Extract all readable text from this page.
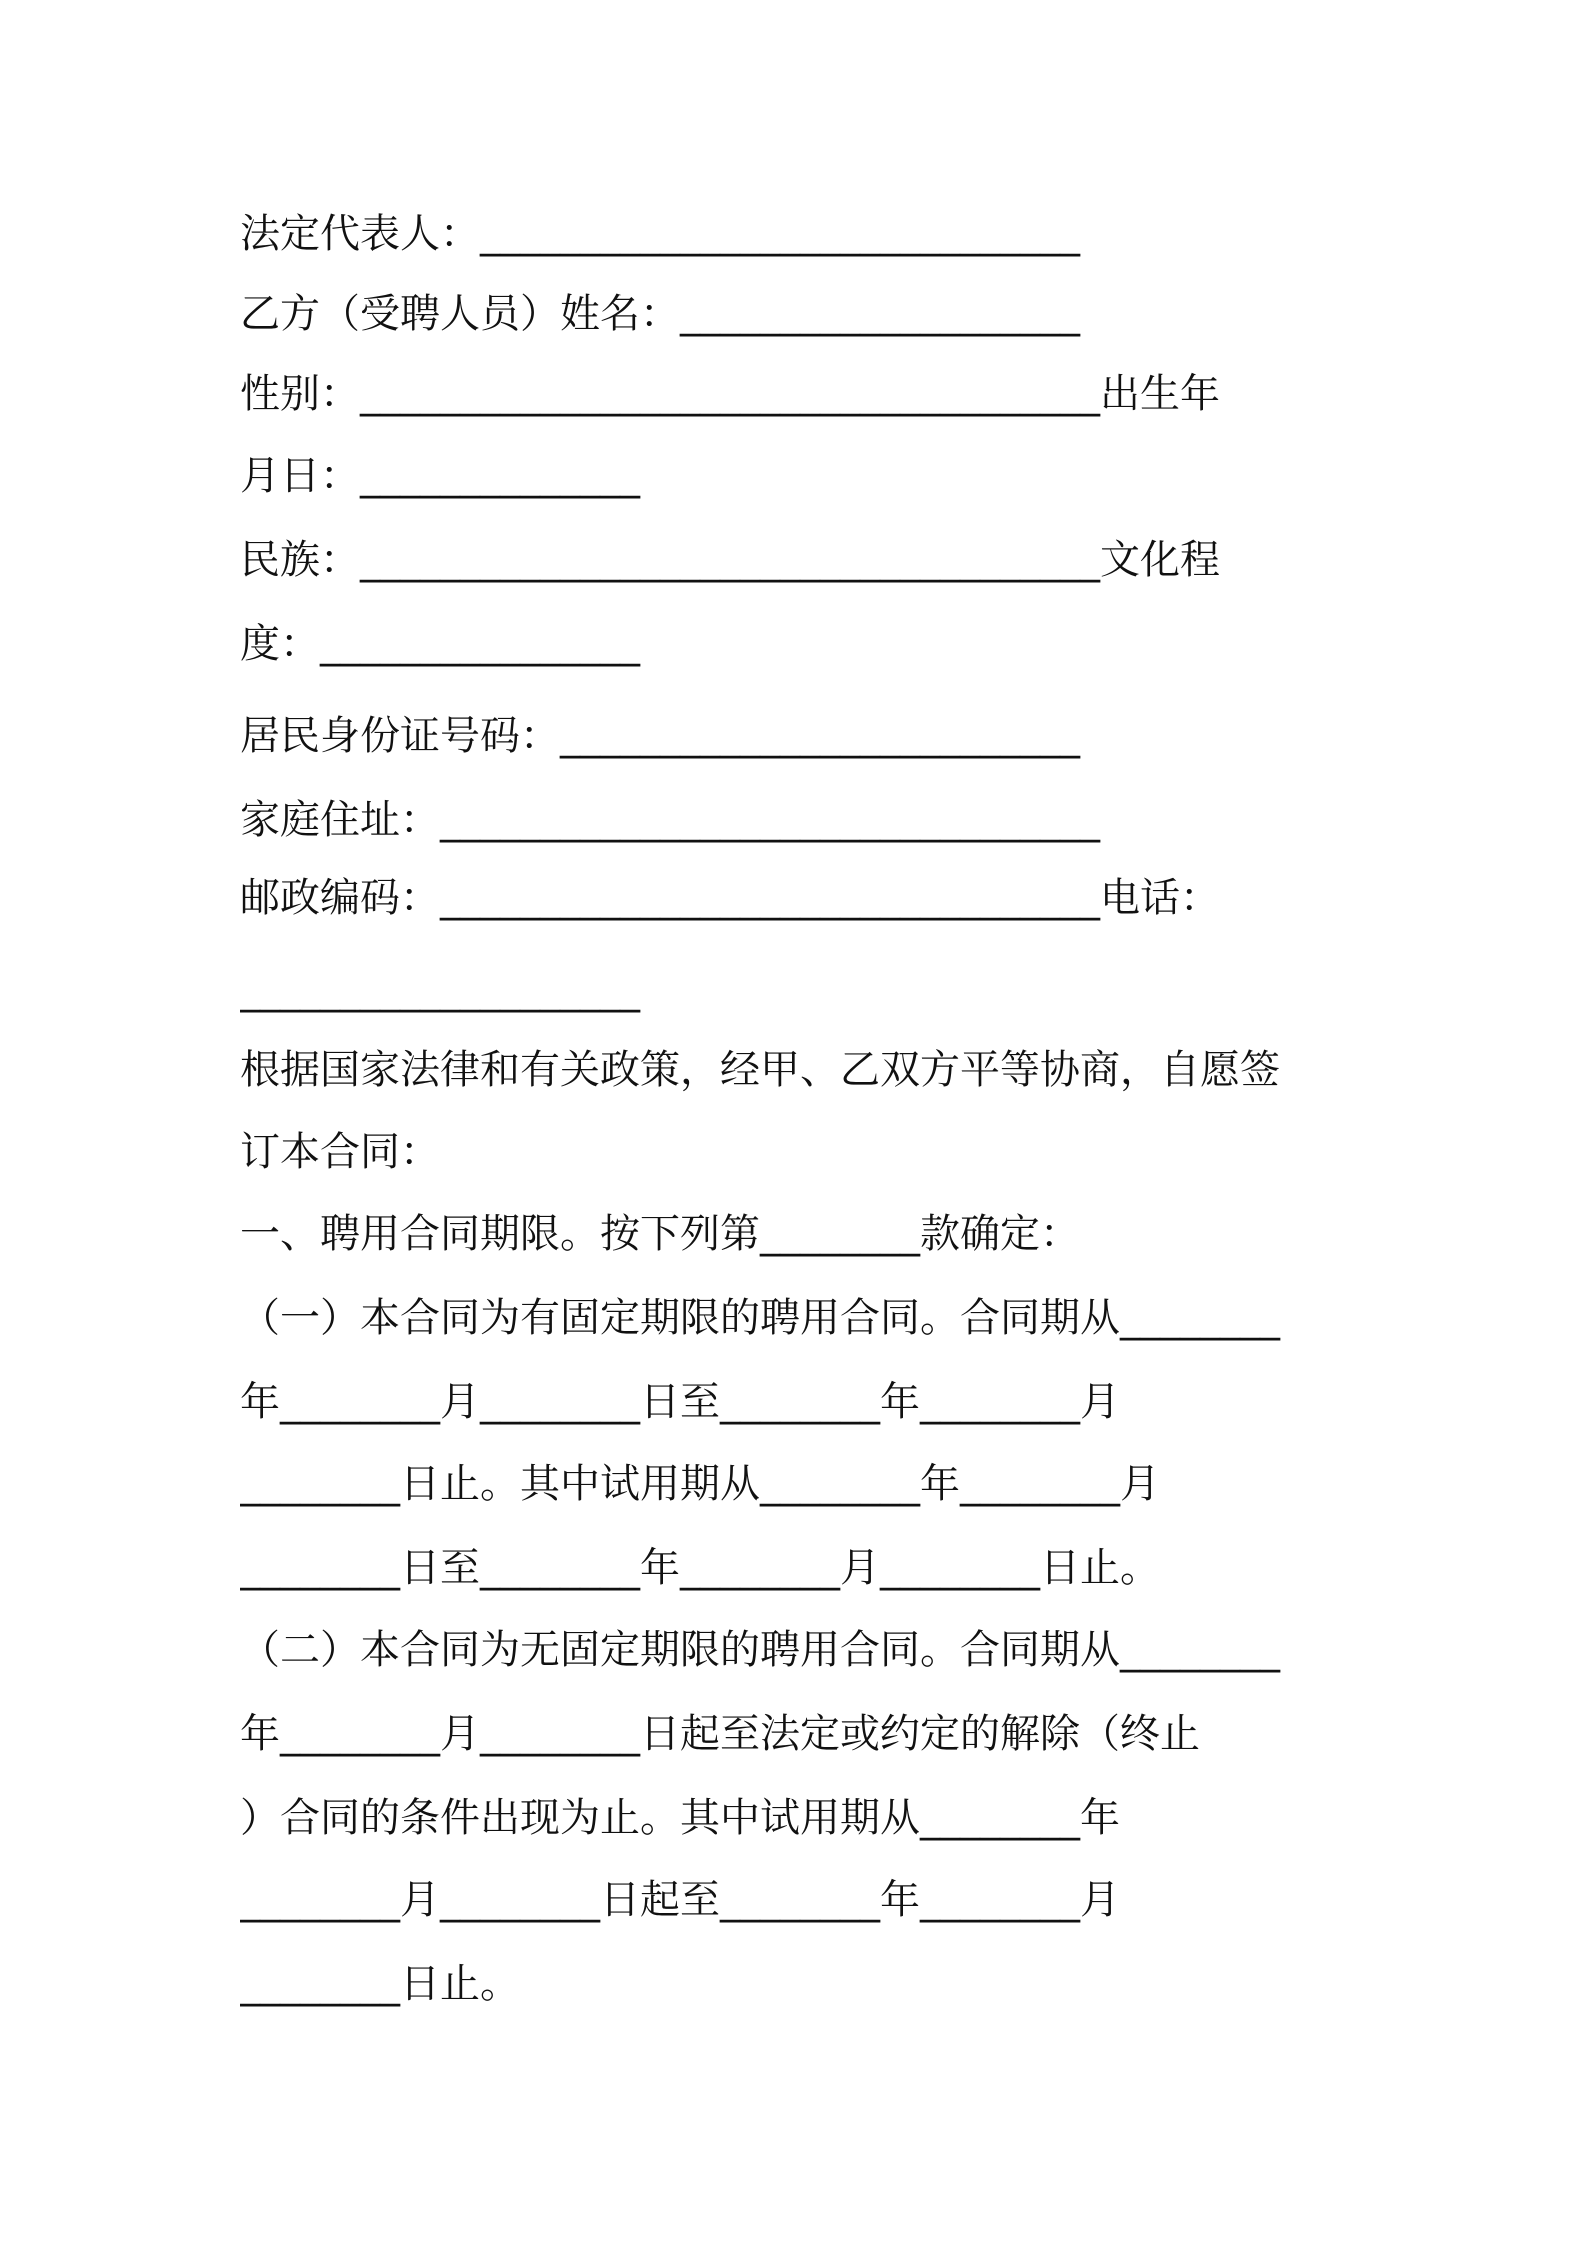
法定代表人：______________________________
乙方（受聘人员）姓名：____________________
性别：_____________________________________出生年
月日：______________
民族：_____________________________________文化程
度：________________
居民身份证号码：__________________________
家庭住址：_________________________________
邮政编码：_________________________________电话：
____________________
根据国家法律和有关政策，经甲、乙双方平等协商，自愿签
订本合同：
一、聘用合同期限。按下列第________款确定：
（一）本合同为有固定期限的聘用合同。合同期从________
年________月________日至________年________月
________日止。其中试用期从________年________月
________日至________年________月________日止。
（二）本合同为无固定期限的聘用合同。合同期从________
年________月________日起至法定或约定的解除（终止
）合同的条件出现为止。其中试用期从________年
________月________日起至________年________月
________日止。
